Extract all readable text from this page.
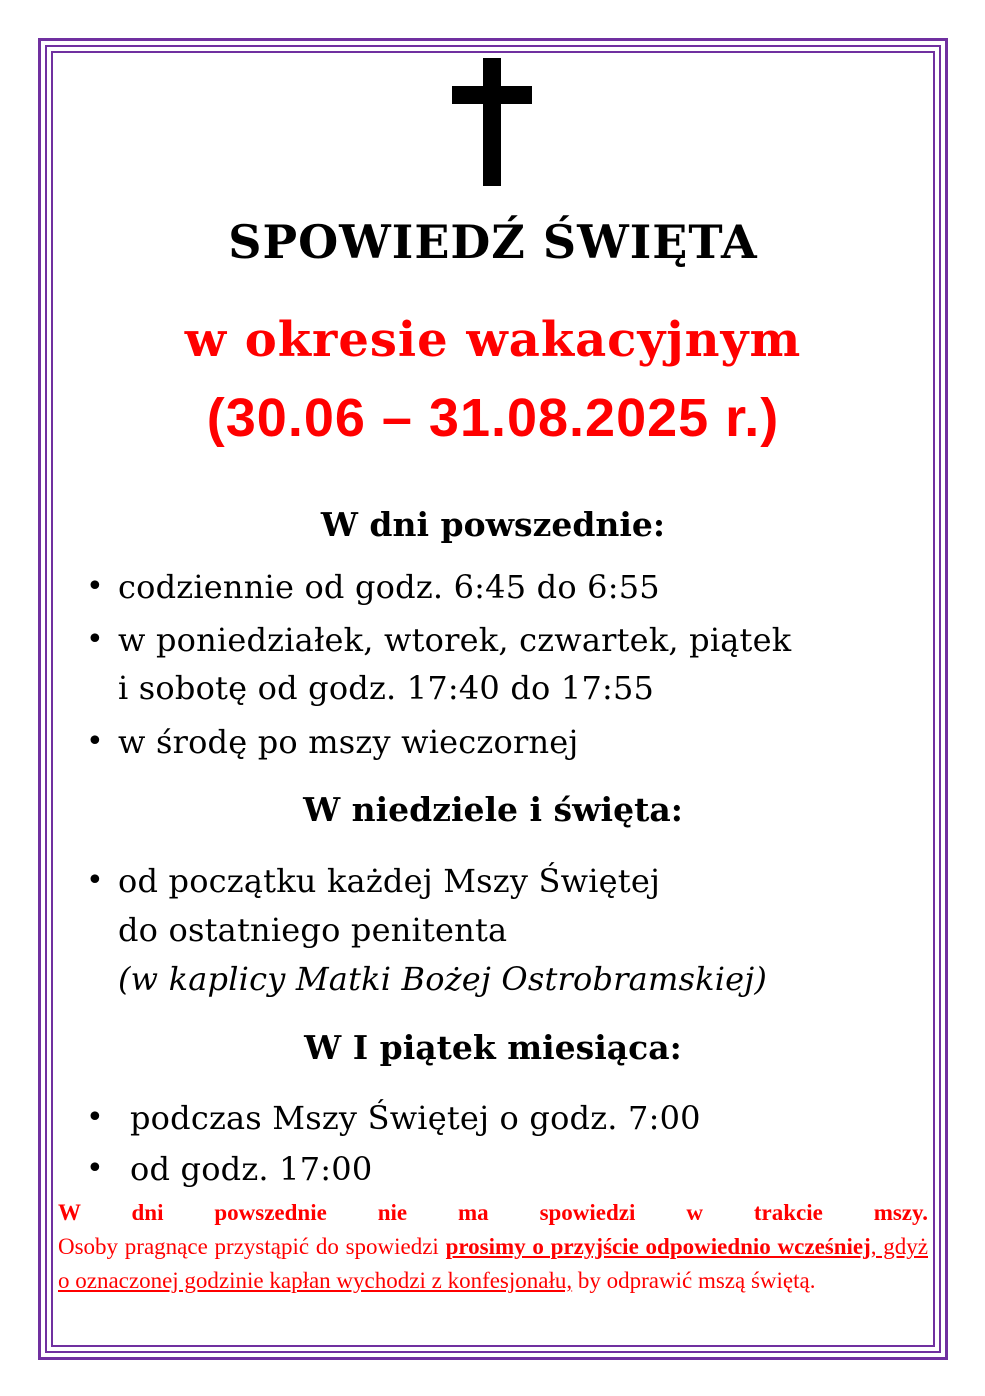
SPOWIEDŹ ŚWIĘTA
w okresie wakacyjnym
(30.06 – 31.08.2025 r.)
W dni powszednie:
• codziennie od godz. 6:45 do 6:55
• w poniedziałek, wtorek, czwartek, piątek
i sobotę od godz. 17:40 do 17:55
• w środę po mszy wieczornej
W niedziele i święta:
• od początku każdej Mszy Świętej
do ostatniego penitenta
(w kaplicy Matki Bożej Ostrobramskiej)
W I piątek miesiąca:
• podczas Mszy Świętej o godz. 7:00
• od godz. 17:00
W dni powszednie nie ma spowiedzi w trakcie mszy.
Osoby pragnące przystąpić do spowiedzi prosimy o przyjście odpowiednio wcześniej, gdyż o oznaczonej godzinie kapłan wychodzi z konfesjonału, by odprawić mszą świętą.
